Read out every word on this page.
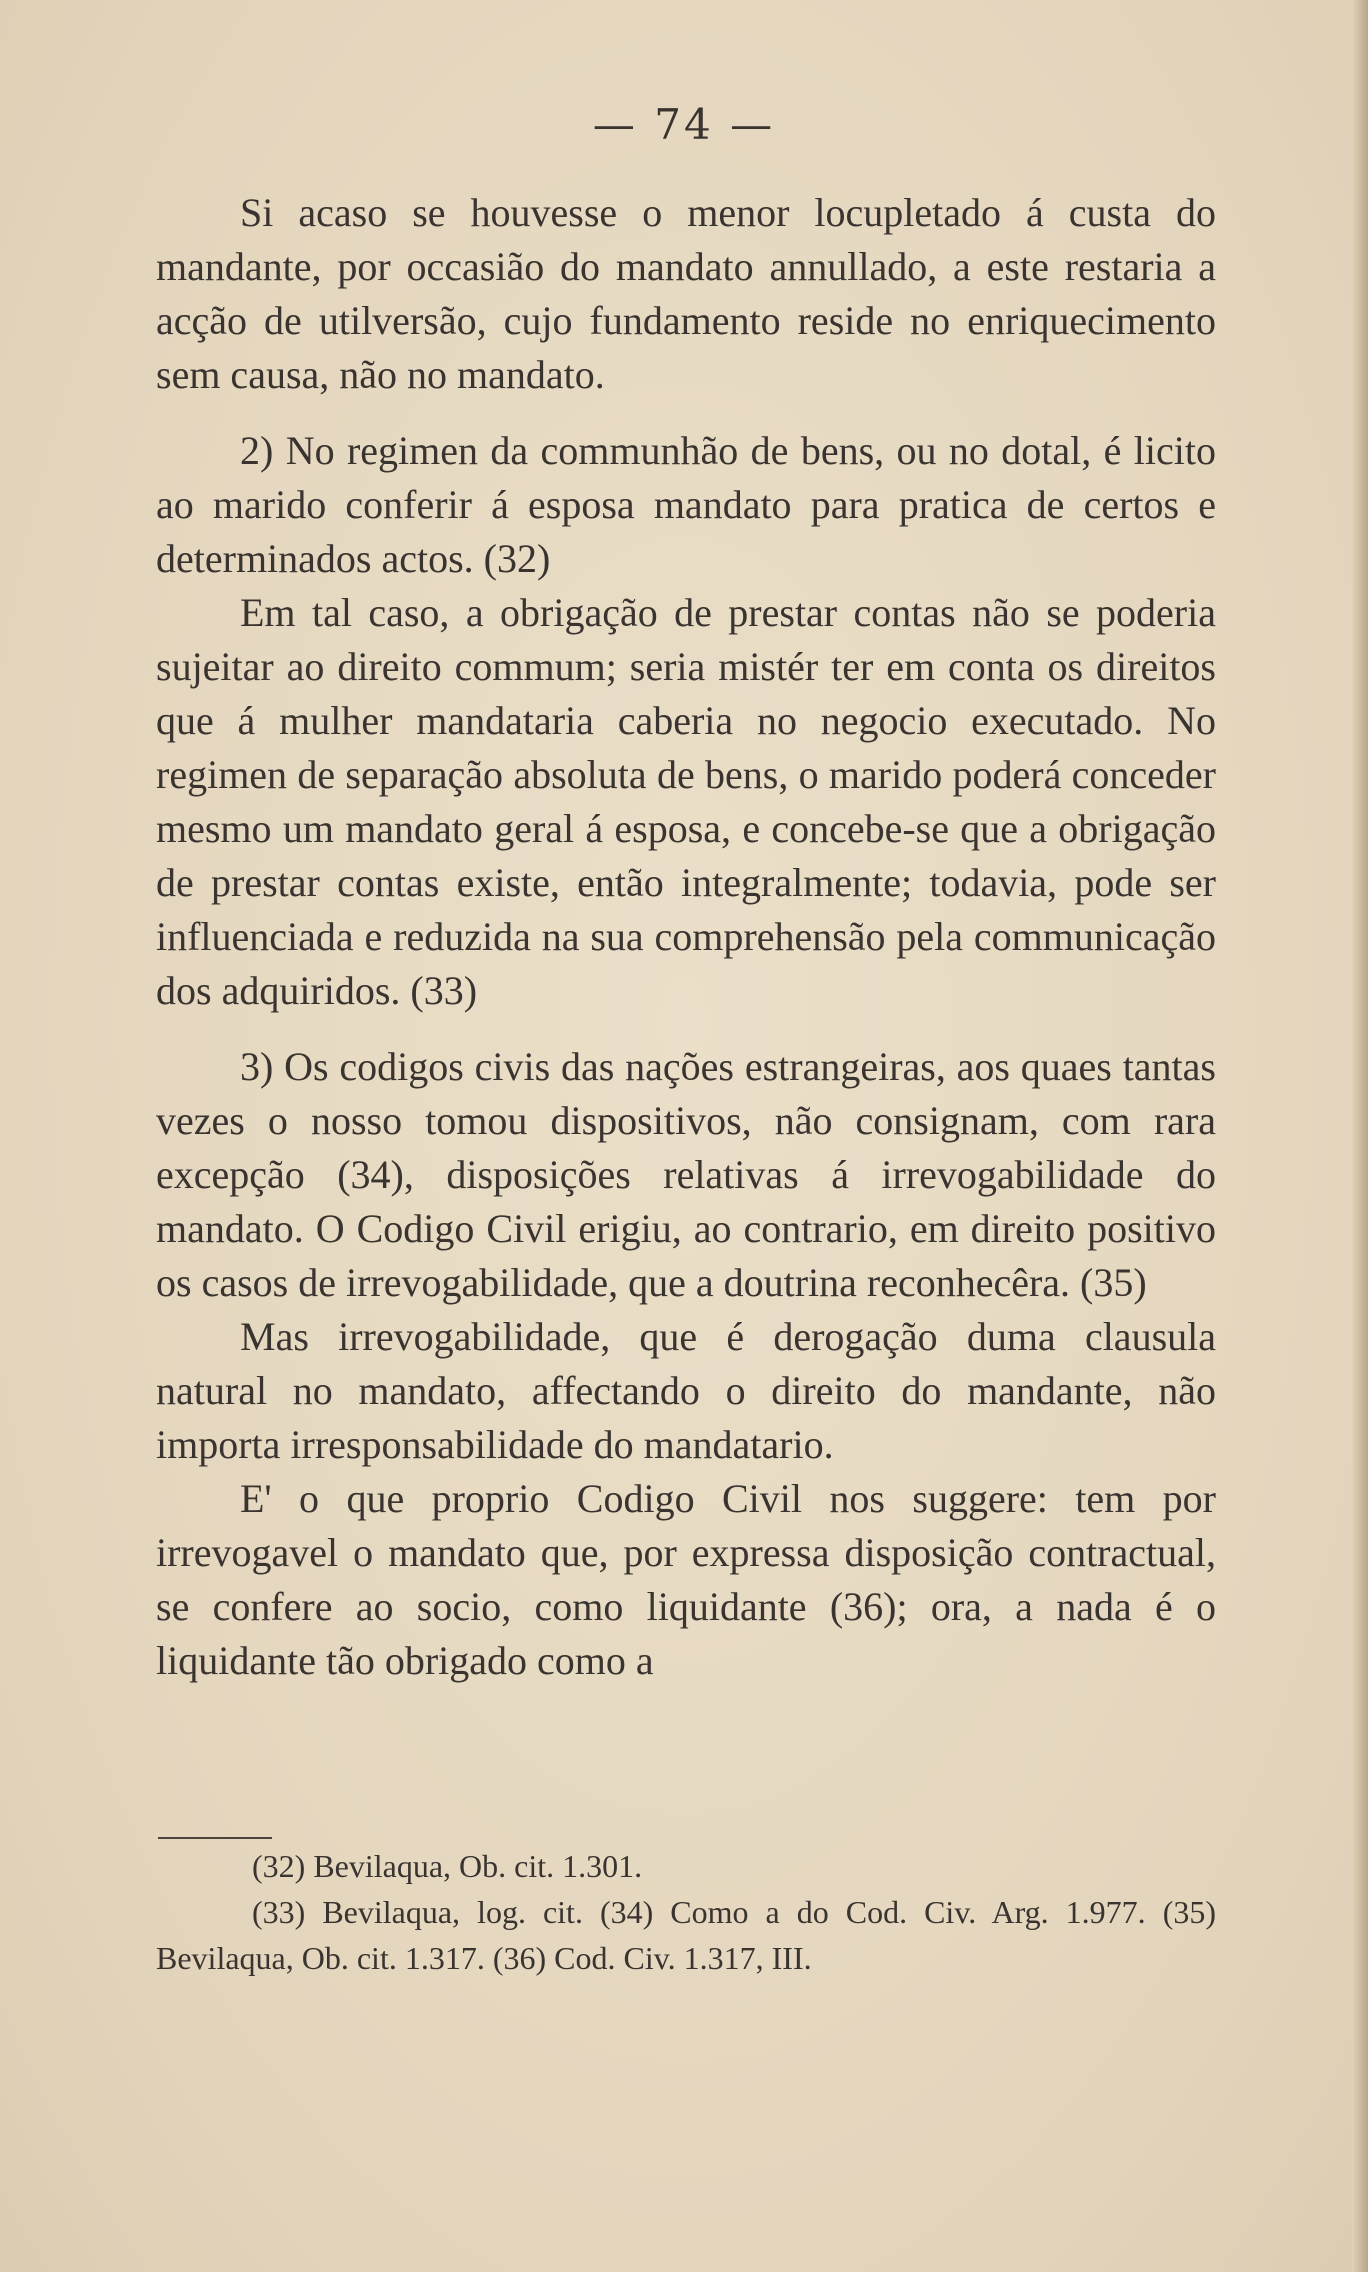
— 74 —

Si acaso se houvesse o menor locupletado á custa do mandante, por occasião do mandato annullado, a este restaria a acção de utilversão, cujo fundamento reside no enriquecimento sem causa, não no mandato.

2) No regimen da communhão de bens, ou no dotal, é licito ao marido conferir á esposa mandato para pratica de certos e determinados actos. (32)

Em tal caso, a obrigação de prestar contas não se poderia sujeitar ao direito commum; seria mistér ter em conta os direitos que á mulher mandataria caberia no negocio executado. No regimen de separação absoluta de bens, o marido poderá conceder mesmo um mandato geral á esposa, e concebe-se que a obrigação de prestar contas existe, então integralmente; todavia, pode ser influenciada e reduzida na sua comprehensão pela communicação dos adquiridos. (33)

3) Os codigos civis das nações estrangeiras, aos quaes tantas vezes o nosso tomou dispositivos, não consignam, com rara excepção (34), disposições relativas á irrevogabilidade do mandato. O Codigo Civil erigiu, ao contrario, em direito positivo os casos de irrevogabilidade, que a doutrina reconhecêra. (35)

Mas irrevogabilidade, que é derogação duma clausula natural no mandato, affectando o direito do mandante, não importa irresponsabilidade do mandatario.

E' o que proprio Codigo Civil nos suggere: tem por irrevogavel o mandato que, por expressa disposição contractual, se confere ao socio, como liquidante (36); ora, a nada é o liquidante tão obrigado como a

(32) Bevilaqua, Ob. cit. 1.301.

(33) Bevilaqua, log. cit. (34) Como a do Cod. Civ. Arg. 1.977. (35) Bevilaqua, Ob. cit. 1.317. (36) Cod. Civ. 1.317, III.
